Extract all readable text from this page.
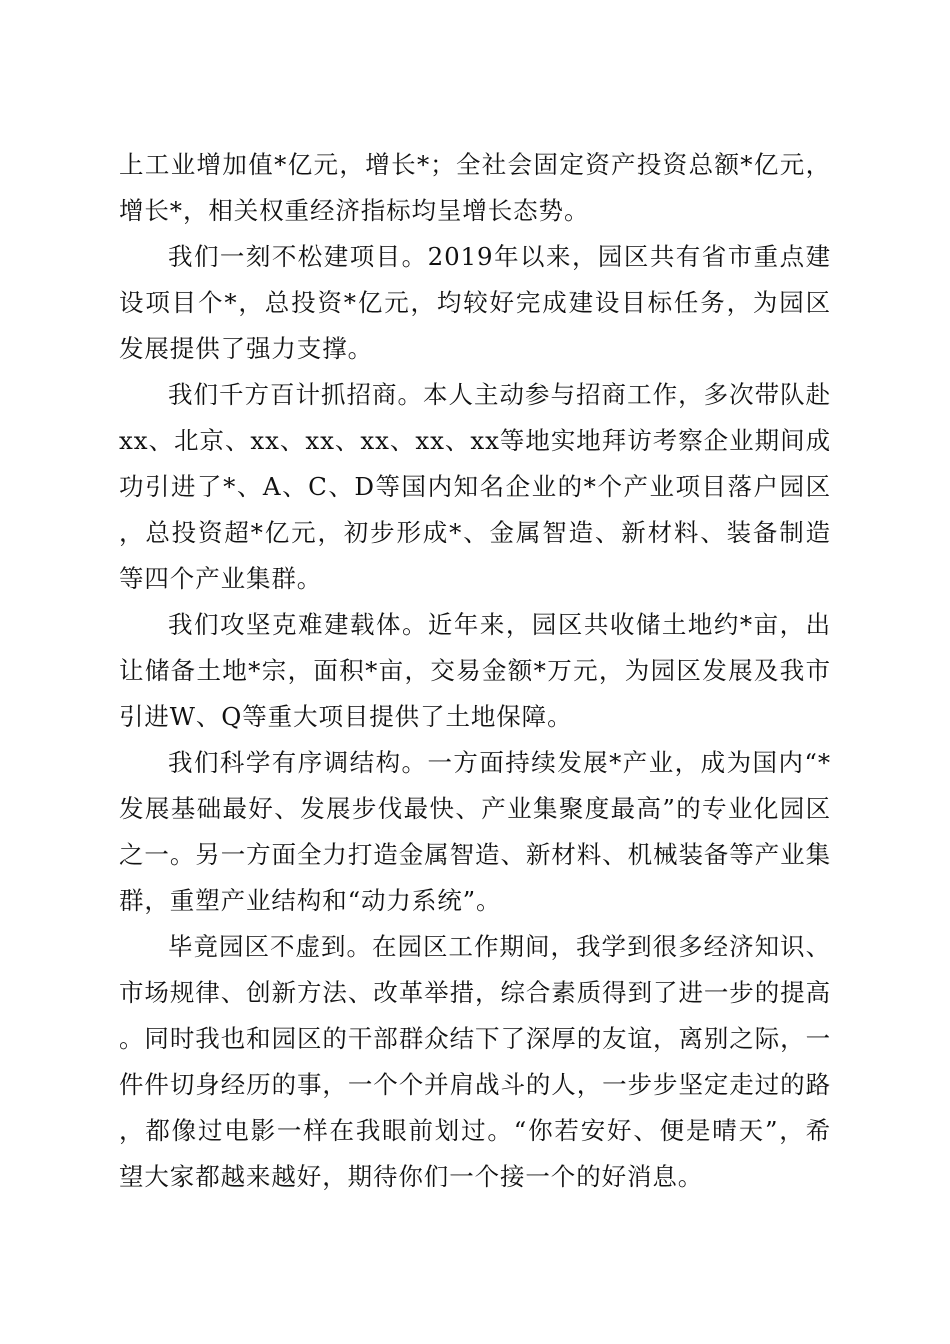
上工业增加值*亿元，增长*；全社会固定资产投资总额*亿元，增长*，相关权重经济指标均呈增长态势。

我们一刻不松建项目。2019年以来，园区共有省市重点建设项目个*，总投资*亿元，均较好完成建设目标任务，为园区发展提供了强力支撑。

我们千方百计抓招商。本人主动参与招商工作，多次带队赴xx、北京、xx、xx、xx、xx、xx等地实地拜访考察企业期间成功引进了*、A、C、D等国内知名企业的*个产业项目落户园区，总投资超*亿元，初步形成*、金属智造、新材料、装备制造等四个产业集群。

我们攻坚克难建载体。近年来，园区共收储土地约*亩，出让储备土地*宗，面积*亩，交易金额*万元，为园区发展及我市引进W、Q等重大项目提供了土地保障。

我们科学有序调结构。一方面持续发展*产业，成为国内“*发展基础最好、发展步伐最快、产业集聚度最高”的专业化园区之一。另一方面全力打造金属智造、新材料、机械装备等产业集群，重塑产业结构和“动力系统”。

毕竟园区不虚到。在园区工作期间，我学到很多经济知识、市场规律、创新方法、改革举措，综合素质得到了进一步的提高。同时我也和园区的干部群众结下了深厚的友谊，离别之际，一件件切身经历的事，一个个并肩战斗的人，一步步坚定走过的路，都像过电影一样在我眼前划过。“你若安好、便是晴天”，希望大家都越来越好，期待你们一个接一个的好消息。
